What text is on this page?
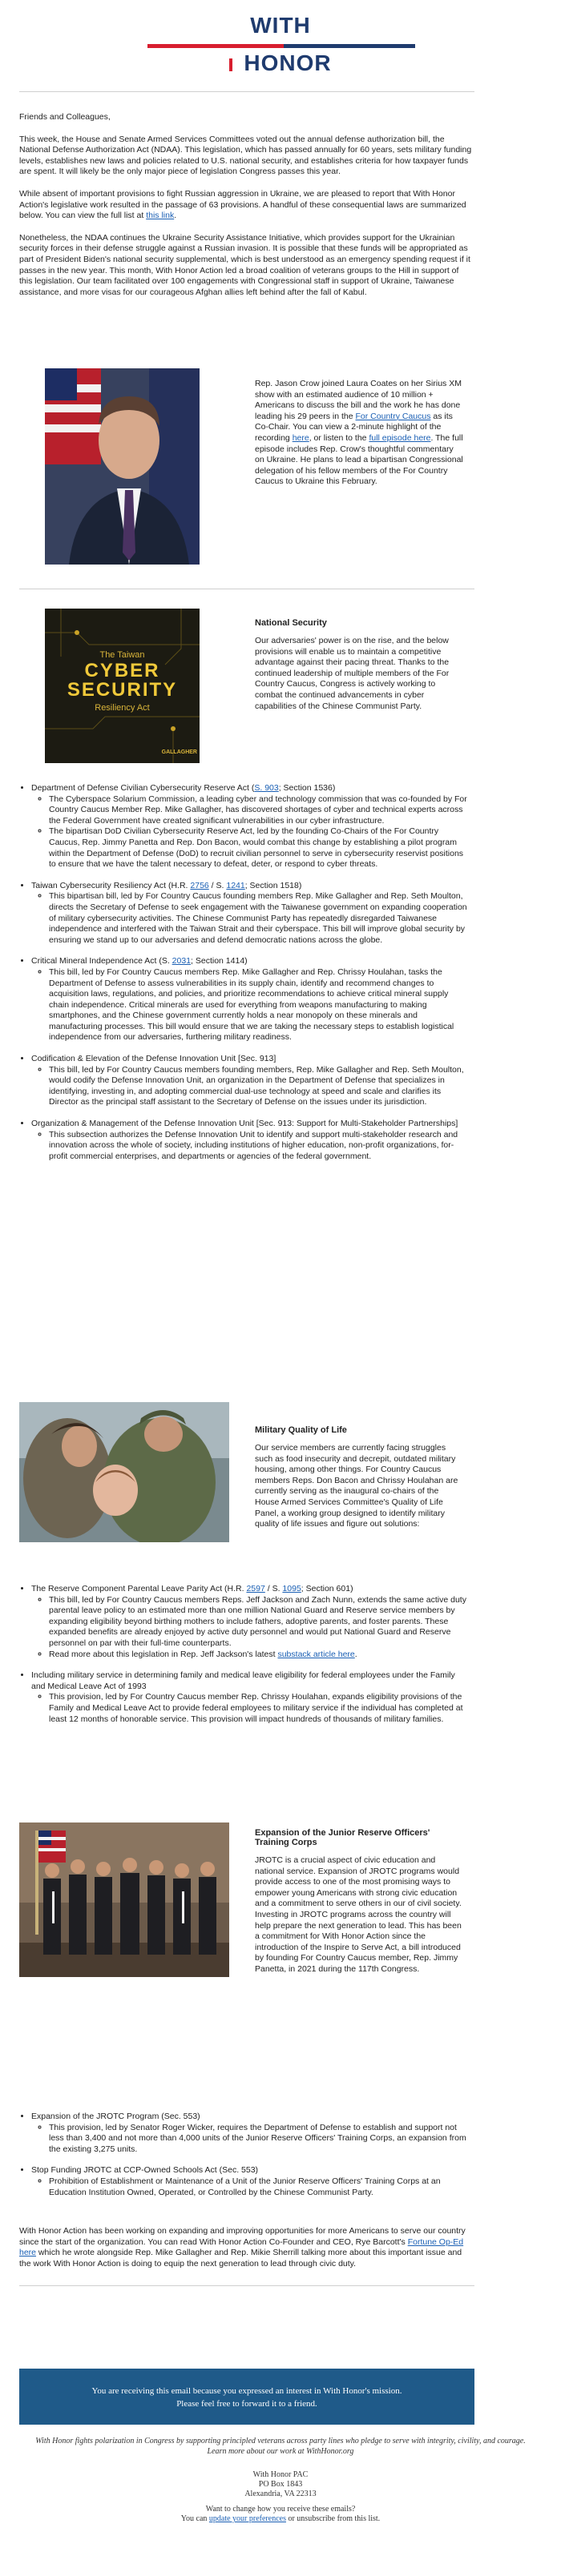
WITH
HONOR

Friends and Colleagues,

This week, the House and Senate Armed Services Committees voted out the annual defense authorization bill, the National Defense Authorization Act (NDAA). This legislation, which has passed annually for 60 years, sets military funding levels, establishes new laws and policies related to U.S. national security, and establishes criteria for how taxpayer funds are spent. It will likely be the only major piece of legislation Congress passes this year.

While absent of important provisions to fight Russian aggression in Ukraine, we are pleased to report that With Honor Action's legislative work resulted in the passage of 63 provisions. A handful of these consequential laws are summarized below. You can view the full list at this link.

Nonetheless, the NDAA continues the Ukraine Security Assistance Initiative, which provides support for the Ukrainian security forces in their defense struggle against a Russian invasion. It is possible that these funds will be appropriated as part of President Biden's national security supplemental, which is best understood as an emergency spending request if it passes in the new year. This month, With Honor Action led a broad coalition of veterans groups to the Hill in support of this legislation. Our team facilitated over 100 engagements with Congressional staff in support of Ukraine, Taiwanese assistance, and more visas for our courageous Afghan allies left behind after the fall of Kabul.

Rep. Jason Crow joined Laura Coates on her Sirius XM show with an estimated audience of 10 million + Americans to discuss the bill and the work he has done leading his 29 peers in the For Country Caucus as its Co-Chair. You can view a 2-minute highlight of the recording here, or listen to the full episode here. The full episode includes Rep. Crow's thoughtful commentary on Ukraine. He plans to lead a bipartisan Congressional delegation of his fellow members of the For Country Caucus to Ukraine this February.

The Taiwan
CYBER
SECURITY
Resiliency Act
GALLAGHER

National Security

Our adversaries' power is on the rise, and the below provisions will enable us to maintain a competitive advantage against their pacing threat. Thanks to the continued leadership of multiple members of the For Country Caucus, Congress is actively working to combat the continued advancements in cyber capabilities of the Chinese Communist Party.

• Department of Defense Civilian Cybersecurity Reserve Act (S. 903; Section 1536)
◦ The Cyberspace Solarium Commission, a leading cyber and technology commission that was co-founded by For Country Caucus Member Rep. Mike Gallagher, has discovered shortages of cyber and technical experts across the Federal Government have created significant vulnerabilities in our cyber infrastructure.
◦ The bipartisan DoD Civilian Cybersecurity Reserve Act, led by the founding Co-Chairs of the For Country Caucus, Rep. Jimmy Panetta and Rep. Don Bacon, would combat this change by establishing a pilot program within the Department of Defense (DoD) to recruit civilian personnel to serve in cybersecurity reservist positions to ensure that we have the talent necessary to defeat, deter, or respond to cyber threats.
• Taiwan Cybersecurity Resiliency Act (H.R. 2756 / S. 1241; Section 1518)
◦ This bipartisan bill, led by For Country Caucus founding members Rep. Mike Gallagher and Rep. Seth Moulton, directs the Secretary of Defense to seek engagement with the Taiwanese government on expanding cooperation of military cybersecurity activities. The Chinese Communist Party has repeatedly disregarded Taiwanese independence and interfered with the Taiwan Strait and their cyberspace. This bill will improve global security by ensuring we stand up to our adversaries and defend democratic nations across the globe.
• Critical Mineral Independence Act (S. 2031; Section 1414)
◦ This bill, led by For Country Caucus members Rep. Mike Gallagher and Rep. Chrissy Houlahan, tasks the Department of Defense to assess vulnerabilities in its supply chain, identify and recommend changes to acquisition laws, regulations, and policies, and prioritize recommendations to achieve critical mineral supply chain independence. Critical minerals are used for everything from weapons manufacturing to making smartphones, and the Chinese government currently holds a near monopoly on these minerals and manufacturing processes. This bill would ensure that we are taking the necessary steps to establish logistical independence from our adversaries, furthering military readiness.
• Codification & Elevation of the Defense Innovation Unit [Sec. 913]
◦ This bill, led by For Country Caucus members founding members, Rep. Mike Gallagher and Rep. Seth Moulton, would codify the Defense Innovation Unit, an organization in the Department of Defense that specializes in identifying, investing in, and adopting commercial dual-use technology at speed and scale and clarifies its Director as the principal staff assistant to the Secretary of Defense on the issues under its jurisdiction.
• Organization & Management of the Defense Innovation Unit [Sec. 913: Support for Multi-Stakeholder Partnerships]
◦ This subsection authorizes the Defense Innovation Unit to identify and support multi-stakeholder research and innovation across the whole of society, including institutions of higher education, non-profit organizations, for-profit commercial enterprises, and departments or agencies of the federal government.

Military Quality of Life

Our service members are currently facing struggles such as food insecurity and decrepit, outdated military housing, among other things. For Country Caucus members Reps. Don Bacon and Chrissy Houlahan are currently serving as the inaugural co-chairs of the House Armed Services Committee's Quality of Life Panel, a working group designed to identify military quality of life issues and figure out solutions:

• The Reserve Component Parental Leave Parity Act (H.R. 2597 / S. 1095; Section 601)
◦ This bill, led by For Country Caucus members Reps. Jeff Jackson and Zach Nunn, extends the same active duty parental leave policy to an estimated more than one million National Guard and Reserve service members by expanding eligibility beyond birthing mothers to include fathers, adoptive parents, and foster parents. These expanded benefits are already enjoyed by active duty personnel and would put National Guard and Reserve personnel on par with their full-time counterparts.
◦ Read more about this legislation in Rep. Jeff Jackson's latest substack article here.
• Including military service in determining family and medical leave eligibility for federal employees under the Family and Medical Leave Act of 1993
◦ This provision, led by For Country Caucus member Rep. Chrissy Houlahan, expands eligibility provisions of the Family and Medical Leave Act to provide federal employees to military service if the individual has completed at least 12 months of honorable service. This provision will impact hundreds of thousands of military families.

Expansion of the Junior Reserve Officers' Training Corps

JROTC is a crucial aspect of civic education and national service. Expansion of JROTC programs would provide access to one of the most promising ways to empower young Americans with strong civic education and a commitment to serve others in our of civil society. Investing in JROTC programs across the country will help prepare the next generation to lead. This has been a commitment for With Honor Action since the introduction of the Inspire to Serve Act, a bill introduced by founding For Country Caucus member, Rep. Jimmy Panetta, in 2021 during the 117th Congress.

• Expansion of the JROTC Program (Sec. 553)
◦ This provision, led by Senator Roger Wicker, requires the Department of Defense to establish and support not less than 3,400 and not more than 4,000 units of the Junior Reserve Officers' Training Corps, an expansion from the existing 3,275 units.
• Stop Funding JROTC at CCP-Owned Schools Act (Sec. 553)
◦ Prohibition of Establishment or Maintenance of a Unit of the Junior Reserve Officers' Training Corps at an Education Institution Owned, Operated, or Controlled by the Chinese Communist Party.

With Honor Action has been working on expanding and improving opportunities for more Americans to serve our country since the start of the organization. You can read With Honor Action Co-Founder and CEO, Rye Barcott's Fortune Op-Ed here which he wrote alongside Rep. Mike Gallagher and Rep. Mikie Sherrill talking more about this important issue and the work With Honor Action is doing to equip the next generation to lead through civic duty.

You are receiving this email because you expressed an interest in With Honor's mission.
Please feel free to forward it to a friend.
With Honor fights polarization in Congress by supporting principled veterans across party lines who pledge to serve with integrity, civility, and courage. Learn more about our work at WithHonor.org
With Honor PAC
PO Box 1843
Alexandria, VA 22313
Want to change how you receive these emails?
You can update your preferences or unsubscribe from this list.
